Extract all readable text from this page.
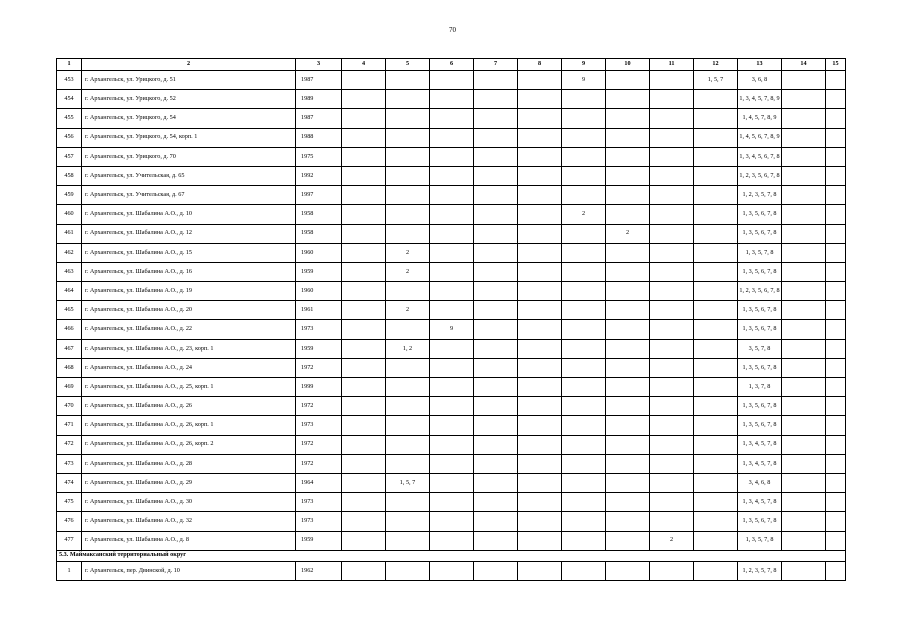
70
1	2	3	4	5	6	7	8	9	10	11	12	13	14	15
453	г. Архангельск, ул. Урицкого, д. 51	1987						9			1, 5, 7	3, 6, 8		
454	г. Архангельск, ул. Урицкого, д. 52	1989										1, 3, 4, 5, 7, 8, 9		
455	г. Архангельск, ул. Урицкого, д. 54	1987										1, 4, 5, 7, 8, 9		
456	г. Архангельск, ул. Урицкого, д. 54, корп. 1	1988										1, 4, 5, 6, 7, 8, 9		
457	г. Архангельск, ул. Урицкого, д. 70	1975										1, 3, 4, 5, 6, 7, 8		
458	г. Архангельск, ул. Учительская, д. 65	1992										1, 2, 3, 5, 6, 7, 8		
459	г. Архангельск, ул. Учительская, д. 67	1997										1, 2, 3, 5, 7, 8		
460	г. Архангельск, ул. Шабалина А.О., д. 10	1958						2				1, 3, 5, 6, 7, 8		
461	г. Архангельск, ул. Шабалина А.О., д. 12	1958							2			1, 3, 5, 6, 7, 8		
462	г. Архангельск, ул. Шабалина А.О., д. 15	1960		2								1, 3, 5, 7, 8		
463	г. Архангельск, ул. Шабалина А.О., д. 16	1959		2								1, 3, 5, 6, 7, 8		
464	г. Архангельск, ул. Шабалина А.О., д. 19	1960										1, 2, 3, 5, 6, 7, 8		
465	г. Архангельск, ул. Шабалина А.О., д. 20	1961		2								1, 3, 5, 6, 7, 8		
466	г. Архангельск, ул. Шабалина А.О., д. 22	1973			9							1, 3, 5, 6, 7, 8		
467	г. Архангельск, ул. Шабалина А.О., д. 23, корп. 1	1959		1, 2								3, 5, 7, 8		
468	г. Архангельск, ул. Шабалина А.О., д. 24	1972										1, 3, 5, 6, 7, 8		
469	г. Архангельск, ул. Шабалина А.О., д. 25, корп. 1	1999										1, 3, 7, 8		
470	г. Архангельск, ул. Шабалина А.О., д. 26	1972										1, 3, 5, 6, 7, 8		
471	г. Архангельск, ул. Шабалина А.О., д. 26, корп. 1	1973										1, 3, 5, 6, 7, 8		
472	г. Архангельск, ул. Шабалина А.О., д. 26, корп. 2	1972										1, 3, 4, 5, 7, 8		
473	г. Архангельск, ул. Шабалина А.О., д. 28	1972										1, 3, 4, 5, 7, 8		
474	г. Архангельск, ул. Шабалина А.О., д. 29	1964		1, 5, 7								3, 4, 6, 8		
475	г. Архангельск, ул. Шабалина А.О., д. 30	1973										1, 3, 4, 5, 7, 8		
476	г. Архангельск, ул. Шабалина А.О., д. 32	1973										1, 3, 5, 6, 7, 8		
477	г. Архангельск, ул. Шабалина А.О., д. 8	1959								2		1, 3, 5, 7, 8		
5.3. Маймаксанский территориальный округ														
1	г. Архангельск, пер. Двинской, д. 10	1962										1, 2, 3, 5, 7, 8		
